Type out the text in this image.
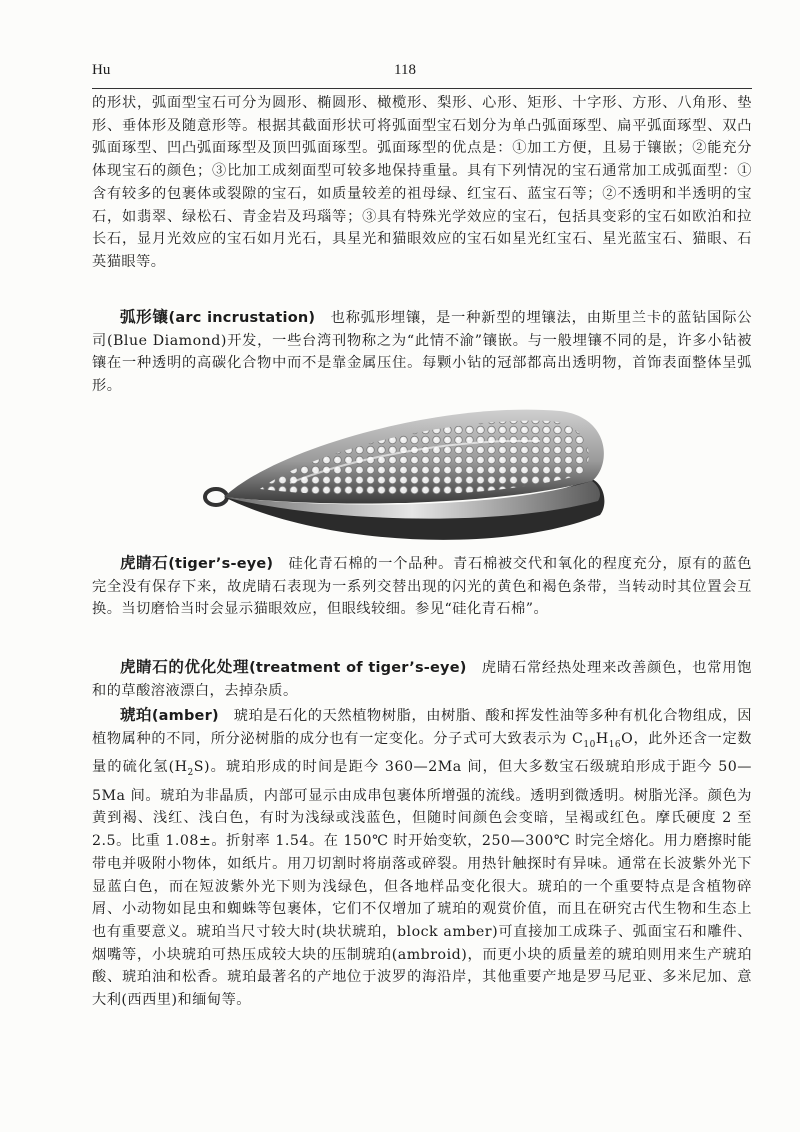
Hu	118
的形状，弧面型宝石可分为圆形、椭圆形、橄榄形、梨形、心形、矩形、十字形、方形、八角形、垫形、垂体形及随意形等。根据其截面形状可将弧面型宝石划分为单凸弧面琢型、扁平弧面琢型、双凸弧面琢型、凹凸弧面琢型及顶凹弧面琢型。弧面琢型的优点是：①加工方便，且易于镶嵌；②能充分体现宝石的颜色；③比加工成刻面型可较多地保持重量。具有下列情况的宝石通常加工成弧面型：①含有较多的包裹体或裂隙的宝石，如质量较差的祖母绿、红宝石、蓝宝石等；②不透明和半透明的宝石，如翡翠、绿松石、青金岩及玛瑙等；③具有特殊光学效应的宝石，包括具变彩的宝石如欧泊和拉长石，显月光效应的宝石如月光石，具星光和猫眼效应的宝石如星光红宝石、星光蓝宝石、猫眼、石英猫眼等。
弧形镶(arc incrustation)　也称弧形埋镶，是一种新型的埋镶法，由斯里兰卡的蓝钻国际公司(Blue Diamond)开发，一些台湾刊物称之为“此情不渝”镶嵌。与一般埋镶不同的是，许多小钻被镶在一种透明的高碳化合物中而不是靠金属压住。每颗小钻的冠部都高出透明物，首饰表面整体呈弧形。
虎睛石(tiger’s-eye)　硅化青石棉的一个品种。青石棉被交代和氧化的程度充分，原有的蓝色完全没有保存下来，故虎睛石表现为一系列交替出现的闪光的黄色和褐色条带，当转动时其位置会互换。当切磨恰当时会显示猫眼效应，但眼线较细。参见“硅化青石棉”。
虎睛石的优化处理(treatment of tiger’s-eye)　虎睛石常经热处理来改善颜色，也常用饱和的草酸溶液漂白，去掉杂质。
琥珀(amber)　琥珀是石化的天然植物树脂，由树脂、酸和挥发性油等多种有机化合物组成，因植物属种的不同，所分泌树脂的成分也有一定变化。分子式可大致表示为 $C_{10}H_{16}O$，此外还含一定数量的硫化氢$(H_2S)$。琥珀形成的时间是距今 360—2Ma 间，但大多数宝石级琥珀形成于距今 50—5Ma 间。琥珀为非晶质，内部可显示由成串包裹体所增强的流线。透明到微透明。树脂光泽。颜色为黄到褐、浅红、浅白色，有时为浅绿或浅蓝色，但随时间颜色会变暗，呈褐或红色。摩氏硬度 2 至 2.5。比重 1.08±。折射率 1.54。在 150℃ 时开始变软，250—300℃ 时完全熔化。用力磨擦时能带电并吸附小物体，如纸片。用刀切割时将崩落或碎裂。用热针触探时有异味。通常在长波紫外光下显蓝白色，而在短波紫外光下则为浅绿色，但各地样品变化很大。琥珀的一个重要特点是含植物碎屑、小动物如昆虫和蜘蛛等包裹体，它们不仅增加了琥珀的观赏价值，而且在研究古代生物和生态上也有重要意义。琥珀当尺寸较大时(块状琥珀，block amber)可直接加工成珠子、弧面宝石和雕件、烟嘴等，小块琥珀可热压成较大块的压制琥珀(ambroid)，而更小块的质量差的琥珀则用来生产琥珀酸、琥珀油和松香。琥珀最著名的产地位于波罗的海沿岸，其他重要产地是罗马尼亚、多米尼加、意大利(西西里)和缅甸等。
